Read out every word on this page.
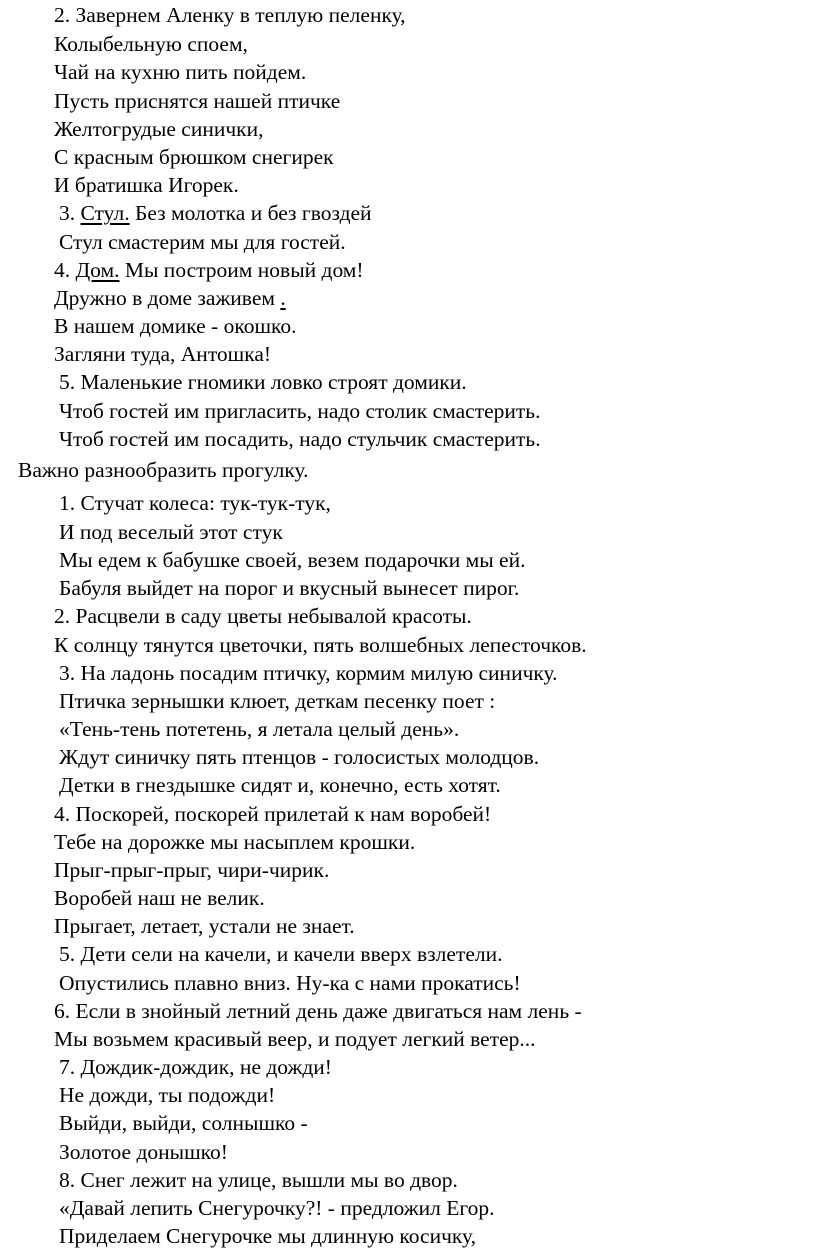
2. Завернем Аленку в теплую пеленку,
Колыбельную споем,
Чай на кухню пить пойдем.
Пусть приснятся нашей птичке
Желтогрудые синички,
С красным брюшком снегирек
И братишка Игорек.
3. Стул. Без молотка и без гвоздей
Стул смастерим мы для гостей.
4. Дом. Мы построим новый дом!
Дружно в доме заживем .
В нашем домике - окошко.
Загляни туда, Антошка!
5. Маленькие гномики ловко строят домики.
Чтоб гостей им пригласить, надо столик смастерить.
Чтоб гостей им посадить, надо стульчик смастерить.
Важно разнообразить прогулку.
1. Стучат колеса: тук-тук-тук,
И под веселый этот стук
Мы едем к бабушке своей, везем подарочки мы ей.
Бабуля выйдет на порог и вкусный вынесет пирог.
2. Расцвели в саду цветы небывалой красоты.
К солнцу тянутся цветочки, пять волшебных лепесточков.
3. На ладонь посадим птичку, кормим милую синичку.
Птичка зернышки клюет, деткам песенку поет :
«Тень-тень потетень, я летала целый день».
Ждут синичку пять птенцов - голосистых молодцов.
Детки в гнездышке сидят и, конечно, есть хотят.
4. Поскорей, поскорей прилетай к нам воробей!
Тебе на дорожке мы насыплем крошки.
Прыг-прыг-прыг, чири-чирик.
Воробей наш не велик.
Прыгает, летает, устали не знает.
5. Дети сели на качели, и качели вверх взлетели.
Опустились плавно вниз. Ну-ка с нами прокатись!
6. Если в знойный летний день даже двигаться нам лень -
Мы возьмем красивый веер, и подует легкий ветер...
7. Дождик-дождик, не дожди!
Не дожди, ты подожди!
Выйди, выйди, солнышко -
Золотое донышко!
8. Снег лежит на улице, вышли мы во двор.
«Давай лепить Снегурочку?! - предложил Егор.
Приделаем Снегурочке мы длинную косичку,
